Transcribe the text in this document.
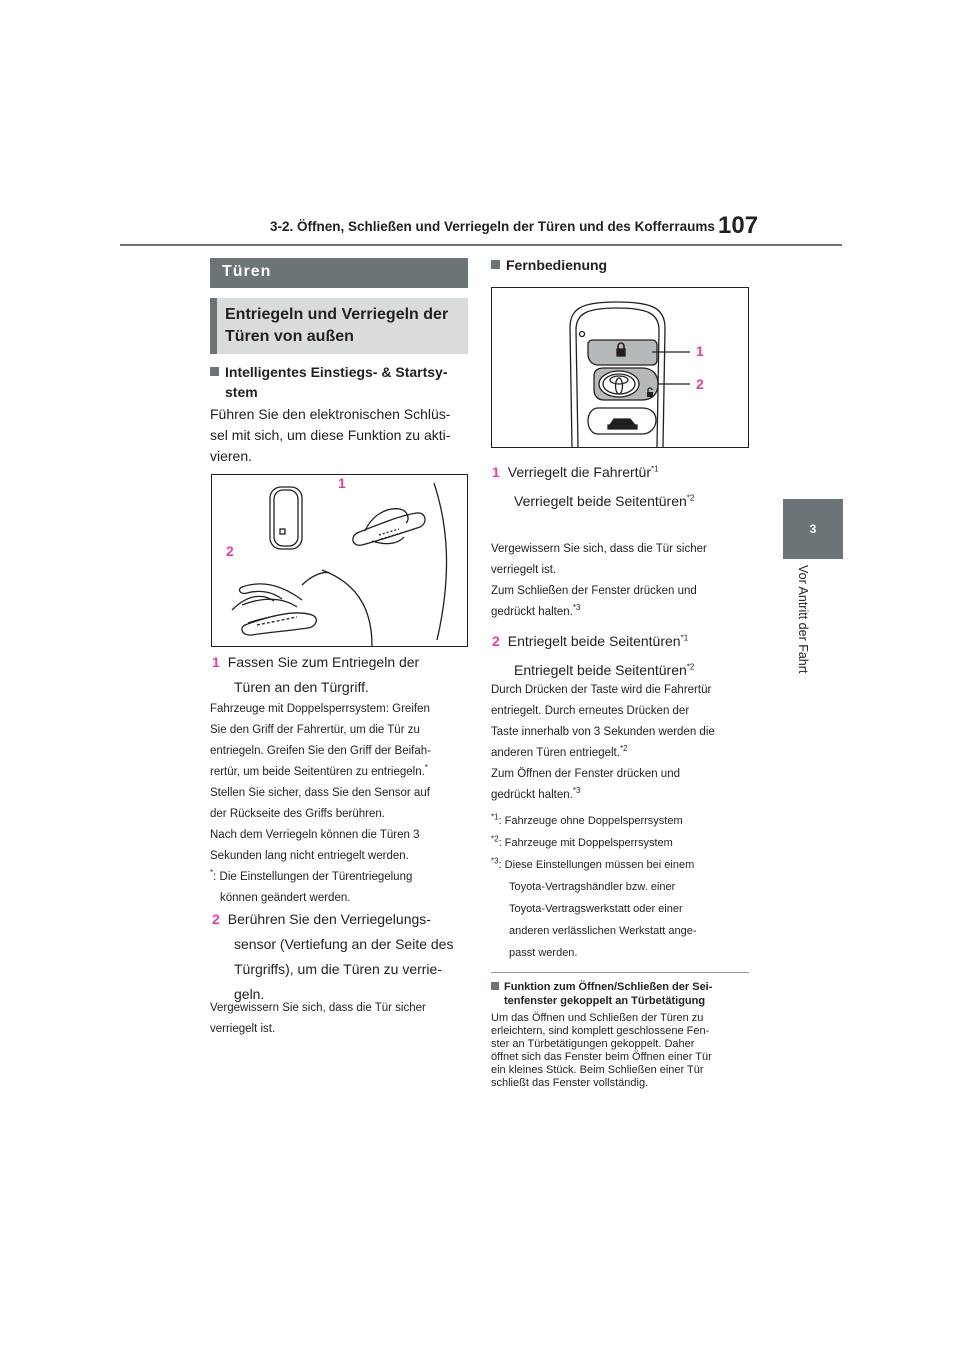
3-2. Öffnen, Schließen und Verriegeln der Türen und des Kofferraums 107
3
Vor Antritt der Fahrt
Türen
Entriegeln und Verriegeln der
Türen von außen
Intelligentes Einstiegs- & Startsy-
stem
Führen Sie den elektronischen Schlüs-
sel mit sich, um diese Funktion zu akti-
vieren.
1
2
1 Fassen Sie zum Entriegeln der
Türen an den Türgriff.
Fahrzeuge mit Doppelsperrsystem: Greifen
Sie den Griff der Fahrertür, um die Tür zu
entriegeln. Greifen Sie den Griff der Beifah-
rertür, um beide Seitentüren zu entriegeln.*
Stellen Sie sicher, dass Sie den Sensor auf
der Rückseite des Griffs berühren.
Nach dem Verriegeln können die Türen 3
Sekunden lang nicht entriegelt werden.
*: Die Einstellungen der Türentriegelung
können geändert werden.
2 Berühren Sie den Verriegelungs-
sensor (Vertiefung an der Seite des
Türgriffs), um die Türen zu verrie-
geln.
Vergewissern Sie sich, dass die Tür sicher
verriegelt ist.
Fernbedienung
1
2
1 Verriegelt die Fahrertür$^{*1}$
Verriegelt beide Seitentüren$^{*2}$
Vergewissern Sie sich, dass die Tür sicher
verriegelt ist.
Zum Schließen der Fenster drücken und
gedrückt halten.$^{*3}$
2 Entriegelt beide Seitentüren$^{*1}$
Entriegelt beide Seitentüren$^{*2}$
Durch Drücken der Taste wird die Fahrertür
entriegelt. Durch erneutes Drücken der
Taste innerhalb von 3 Sekunden werden die
anderen Türen entriegelt.$^{*2}$
Zum Öffnen der Fenster drücken und
gedrückt halten.$^{*3}$
$^{*1}$: Fahrzeuge ohne Doppelsperrsystem
$^{*2}$: Fahrzeuge mit Doppelsperrsystem
$^{*3}$: Diese Einstellungen müssen bei einem
Toyota-Vertragshändler bzw. einer
Toyota-Vertragswerkstatt oder einer
anderen verlässlichen Werkstatt ange-
passt werden.
Funktion zum Öffnen/Schließen der Sei-
tenfenster gekoppelt an Türbetätigung
Um das Öffnen und Schließen der Türen zu
erleichtern, sind komplett geschlossene Fen-
ster an Türbetätigungen gekoppelt. Daher
öffnet sich das Fenster beim Öffnen einer Tür
ein kleines Stück. Beim Schließen einer Tür
schließt das Fenster vollständig.
